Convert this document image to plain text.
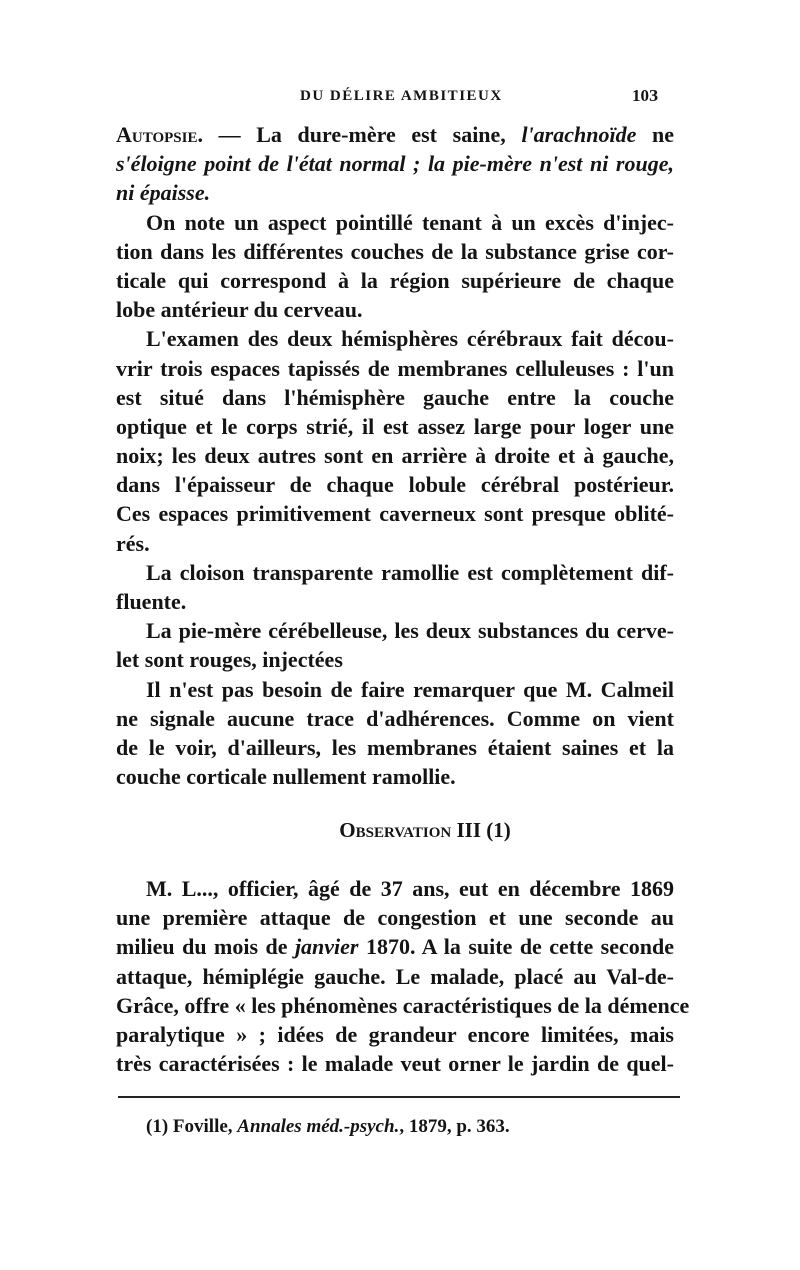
DU DÉLIRE AMBITIEUX	10З
Autopsie. — La dure-mère est saine, l'arachnoïde ne
s'éloigne point de l'état normal ; la pie-mère n'est ni rouge,
ni épaisse.
On note un aspect pointillé tenant à un excès d'injec-
tion dans les différentes couches de la substance grise cor-
ticale qui correspond à la région supérieure de chaque
lobe antérieur du cerveau.
L'examen des deux hémisphères cérébraux fait décou-
vrir trois espaces tapissés de membranes celluleuses : l'un
est situé dans l'hémisphère gauche entre la couche
optique et le corps strié, il est assez large pour loger une
noix; les deux autres sont en arrière à droite et à gauche,
dans l'épaisseur de chaque lobule cérébral postérieur.
Ces espaces primitivement caverneux sont presque oblité-
rés.
La cloison transparente ramollie est complètement dif-
fluente.
La pie-mère cérébelleuse, les deux substances du cerve-
let sont rouges, injectées
Il n'est pas besoin de faire remarquer que M. Calmeil
ne signale aucune trace d'adhérences. Comme on vient
de le voir, d'ailleurs, les membranes étaient saines et la
couche corticale nullement ramollie.
Observation III (1)
M. L..., officier, âgé de 37 ans, eut en décembre 1869
une première attaque de congestion et une seconde au
milieu du mois de janvier 1870. A la suite de cette seconde
attaque, hémiplégie gauche. Le malade, placé au Val-de-
Grâce, offre « les phénomènes caractéristiques de la démence
paralytique » ; idées de grandeur encore limitées, mais
très caractérisées : le malade veut orner le jardin de quel-
(1) Foville, Annales méd.-psych., 1879, p. 363.
